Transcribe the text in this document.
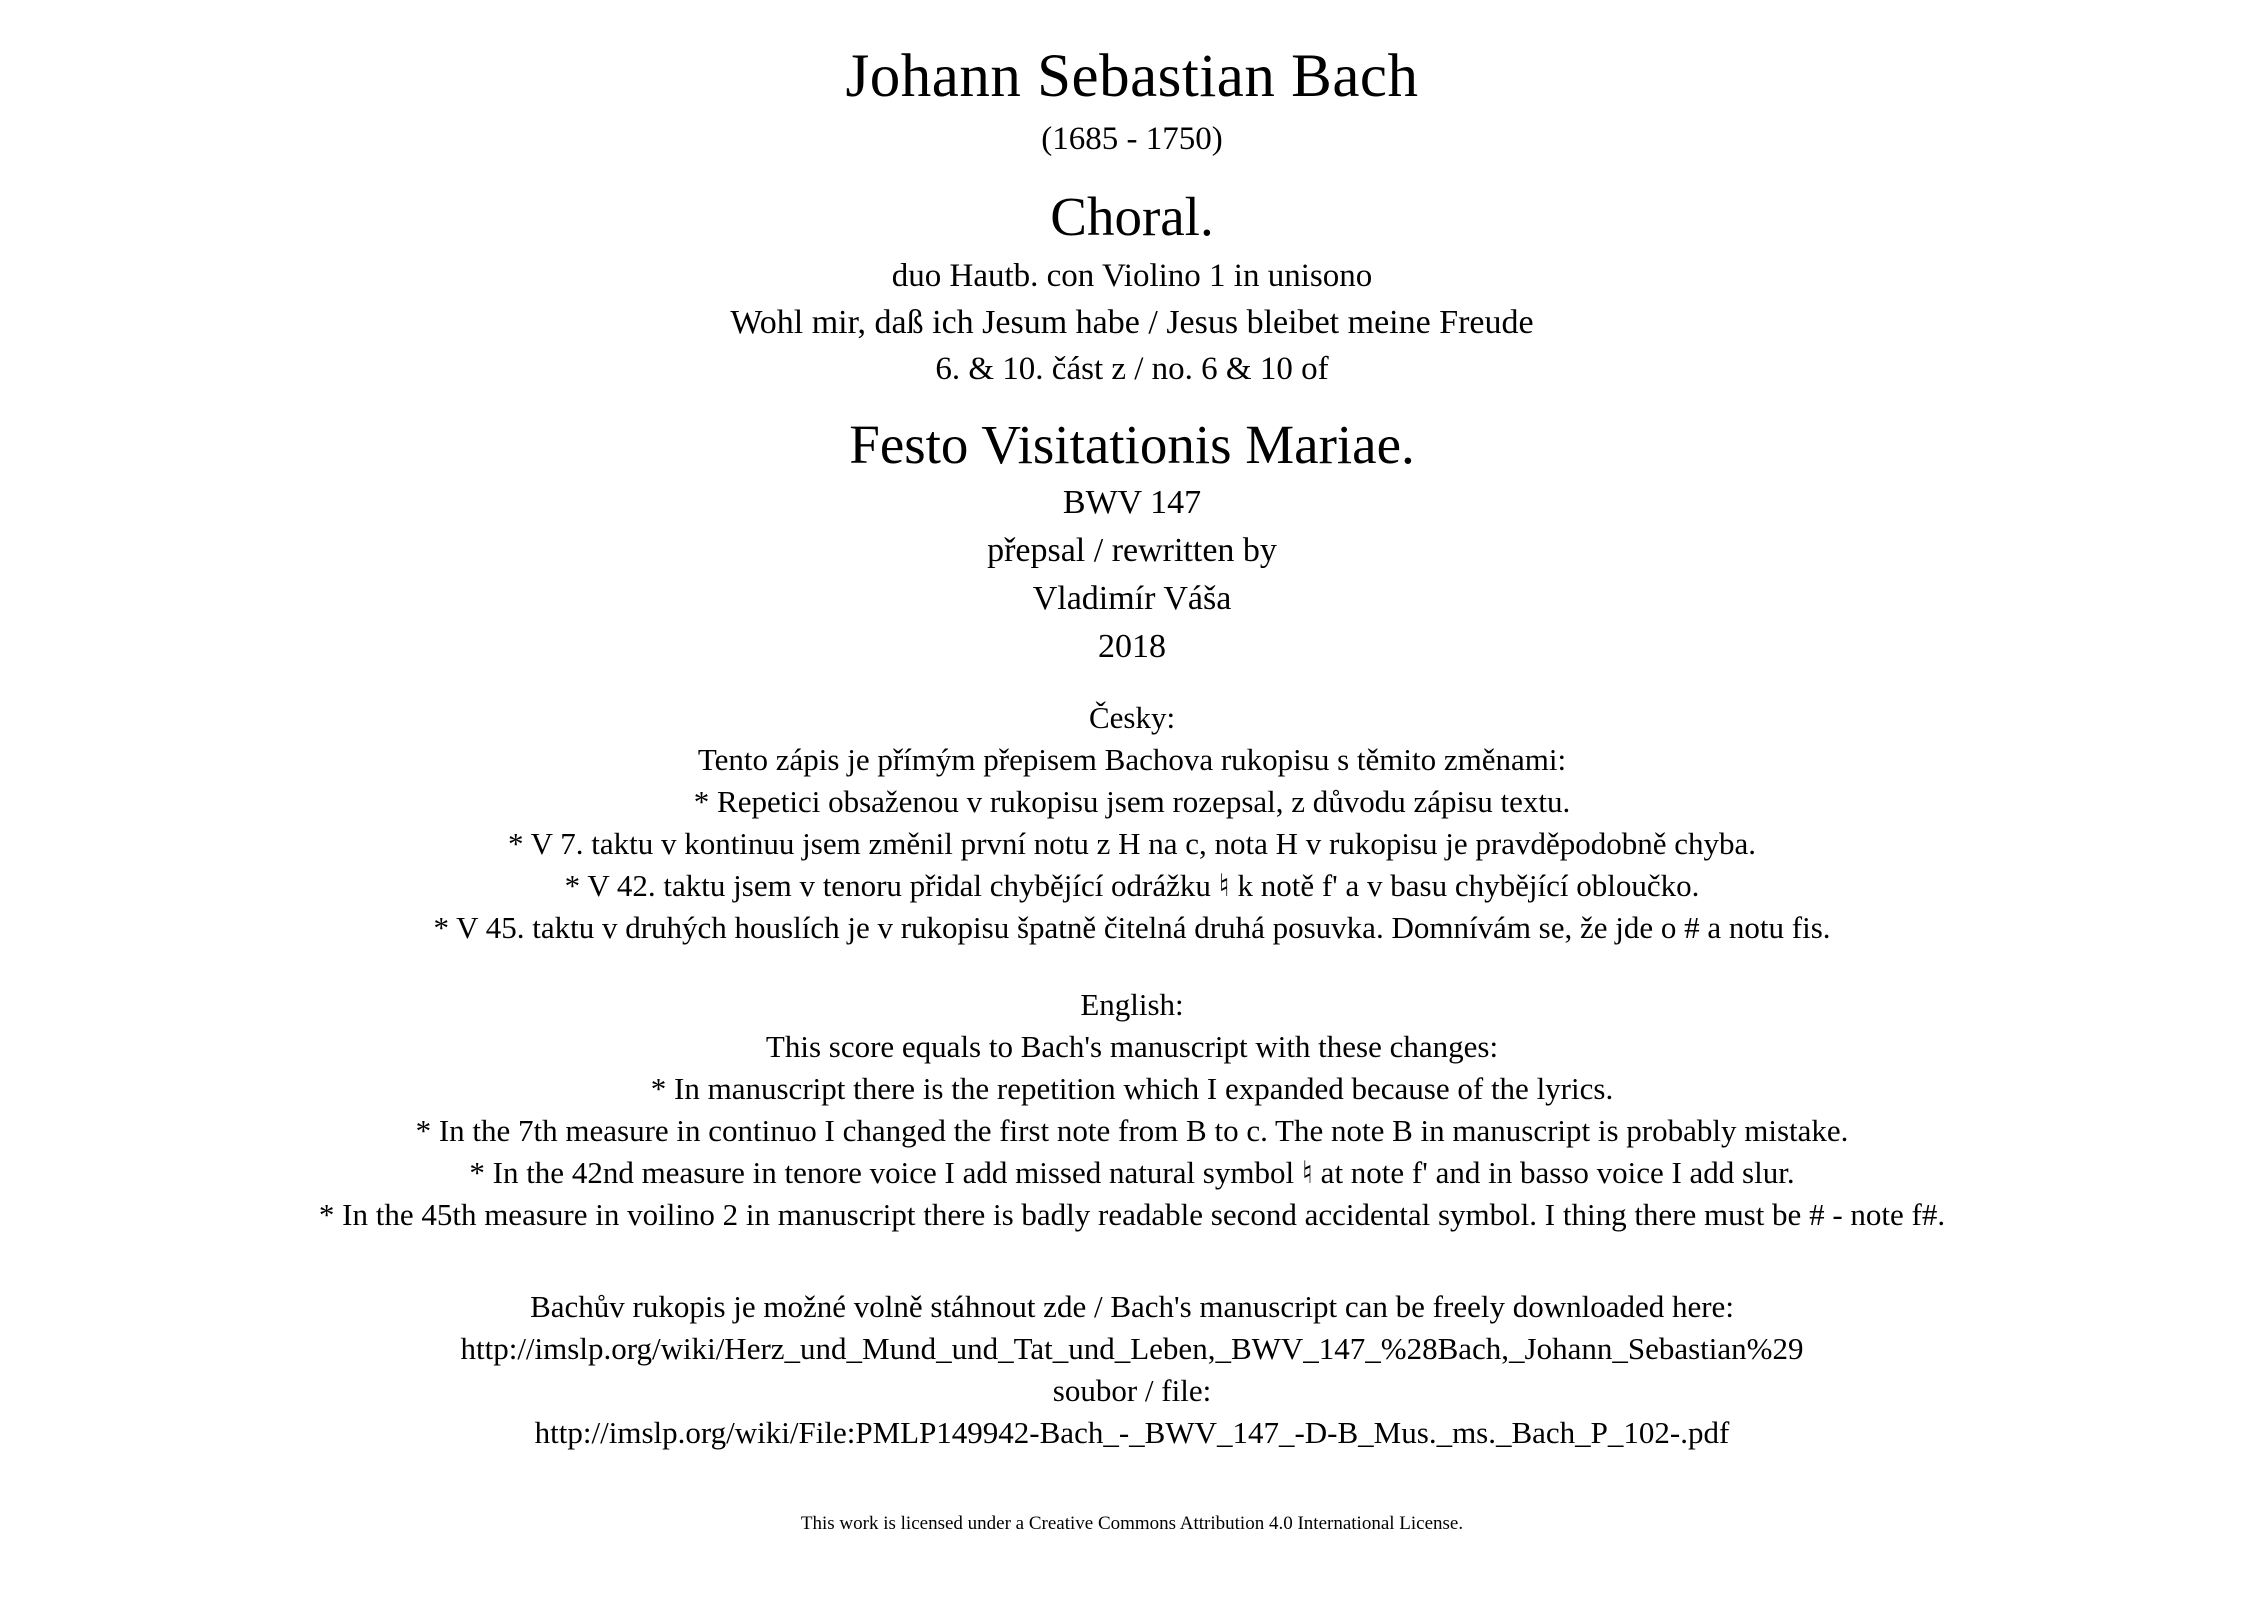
Johann Sebastian Bach
(1685 - 1750)
Choral.
duo Hautb. con Violino 1 in unisono
Wohl mir, daß ich Jesum habe / Jesus bleibet meine Freude
6. & 10. část z / no. 6 & 10 of
Festo Visitationis Mariae.
BWV 147
přepsal / rewritten by
Vladimír Váša
2018
Česky:
Tento zápis je přímým přepisem Bachova rukopisu s těmito změnami:
* Repetici obsaženou v rukopisu jsem rozepsal, z důvodu zápisu textu.
* V 7. taktu v kontinuu jsem změnil první notu z H na c, nota H v rukopisu je pravděpodobně chyba.
* V 42. taktu jsem v tenoru přidal chybějící odrážku ♮ k notě f' a v basu chybějící obloučko.
* V 45. taktu v druhých houslích je v rukopisu špatně čitelná druhá posuvka. Domnívám se, že jde o # a notu fis.
English:
This score equals to Bach's manuscript with these changes:
* In manuscript there is the repetition which I expanded because of the lyrics.
* In the 7th measure in continuo I changed the first note from B to c. The note B in manuscript is probably mistake.
* In the 42nd measure in tenore voice I add missed natural symbol ♮ at note f' and in basso voice I add slur.
* In the 45th measure in voilino 2 in manuscript there is badly readable second accidental symbol. I thing there must be # - note f#.
Bachův rukopis je možné volně stáhnout zde / Bach's manuscript can be freely downloaded here:
http://imslp.org/wiki/Herz_und_Mund_und_Tat_und_Leben,_BWV_147_%28Bach,_Johann_Sebastian%29
soubor / file:
http://imslp.org/wiki/File:PMLP149942-Bach_-_BWV_147_-D-B_Mus._ms._Bach_P_102-.pdf
This work is licensed under a Creative Commons Attribution 4.0 International License.
